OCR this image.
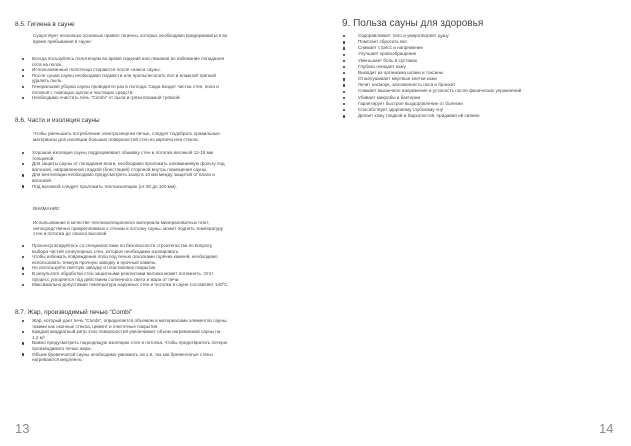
8.5. Гигиена в сауне
Существует несколько основных правил гигиены, которых необходимо придерживаться во
время пребывания в сауне:
Всегда пользуйтесь полотенцем во время сидения или лежания во избежание попадания
пота на полок.
Использованные полотенца стираются после сеанса сауны.
После сушки сауны необходимо подмести или пропылесосить пол и влажной тряпкой
удалить пыль.
Генеральная уборка сауны проводится раз в полгода. Сюда входит чистка стен, пола и
полоков с помощью щетки и чистящих средств.
Необходимо очистить печь “Combi” от пыли и грязи влажной тряпкой.
8.6. Части и изоляция сауны
Чтобы уменьшить потребление электроэнергии печью, следует подобрать правильные
материалы для изоляции больших поверхностей стен из кирпича или стекла.
Хорошая изоляция сауны подразумевает обшивку стен и потолка вагонкой 12-15 мм
толщиной.
Для защиты сауны от попадания влаги, необходимо проложить алюминиевую фольгу под
вагонкой, направленной гладкой (блестящей) стороной внутрь помещения сауны.
Для вентиляции необходимо предусмотреть зазор в 10 мм между защитой от влаги и
вагонкой.
Под вагонкой следует проложить теплоизоляцию (от 50 до 100 мм).
ВНИМАНИЕ:
Использование в качестве теплоизоляционного материала минераловатных плит,
непосредственно прикрепляемых к стенам и потолку сауны, может поднять температуру
стен и потолка до опасно высокой.
Проконсультируйтесь со специалистами по безопасности строительства по вопросу
выбора частей огнеупорных стен, которые необходимо изолировать.
Чтобы избежать повреждения пола под печью осколками горячих камней, необходимо
использовать темную прочную заводку и прочный камень.
Не используйте светлую заводку и пластиковое покрытие.
В результате обработки стен защитными реагентами вагонка может потемнеть. Этот
процесс ускоряется под действием солнечного света и жара от печи.
Максимально допустимая температура наружных стен и потолка в сауне составляет 140ºС.
8.7. Жар, производимый печью “Combi”
Жар, который дает печь “Combi”, определяется объемом и материалами элементов сауны,
такими как оконные стекла, цемент и плиточные покрытия.
Каждый квадратный метр этих поверхностей увеличивает объем нагреваемой сауны на
1,2 м³.
Важно предусмотреть подходящую изоляцию стен и потолка, чтобы предотвратить потерю
производимого печью жара.
Объем бревенчатой сауны необходимо умножить на 1,5, так как бревенчатые стены
нагреваются медленно.
13
9. Польза сауны для здоровья
Оздоравливает тело и умиротворяет душу
Помогает сбросить вес
Снимает стресс и напряжение
Улучшает кровообращение
Уменьшает боль в суставах
Глубоко очищает кожу
Выводит из организма шлаки и токсины
Отшелушивает мертвые клетки кожи
Лечит насморк, заложенность носа и бронхит
Снимает мышечное напряжение и усталость после физических упражнений
Убивает микробы и бактерии
Гарантирует быстрое выздоровление от болезни
Способствует здоровому глубокому сну
Делает кожу гладкой и бархатистой, придавая ей сияние
14
